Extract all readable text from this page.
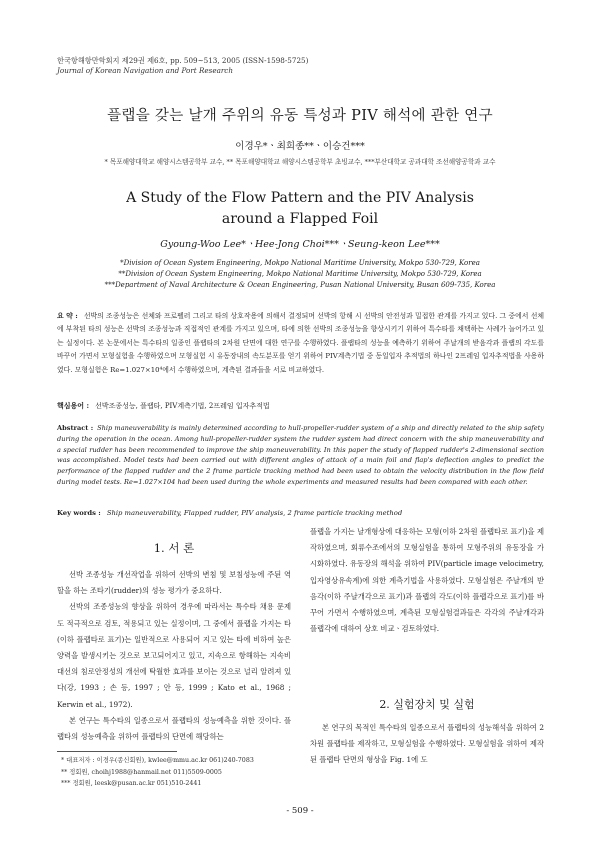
한국항해항만학회지 제29권 제6호, pp. 509~513, 2005 (ISSN-1598-5725)
Journal of Korean Navigation and Port Research
플랩을 갖는 날개 주위의 유동 특성과 PIV 해석에 관한 연구
이경우*ㆍ최희종**ㆍ이승건***
* 목포해양대학교 해양시스템공학부 교수, ** 목포해양대학교 해양시스템공학부 초빙교수, ***부산대학교 공과대학 조선해양공학과 교수
A Study of the Flow Pattern and the PIV Analysis
around a Flapped Foil
Gyoung-Woo Lee*ㆍHee-Jong Choi***ㆍSeung-keon Lee***
*Division of Ocean System Engineering, Mokpo National Maritime University, Mokpo 530-729, Korea
**Division of Ocean System Engineering, Mokpo National Maritime University, Mokpo 530-729, Korea
***Department of Naval Architecture & Ocean Engineering, Pusan National University, Busan 609-735, Korea
요 약 : 선박의 조종성능은 선체와 프로펠러 그리고 타의 상호작용에 의해서 결정되며 선박의 항해 시 선박의 안전성과 밀접한 관계를 가지고 있다. 그 중에서 선체에 부착된 타의 성능은 선박의 조종성능과 직접적인 관계를 가지고 있으며, 타에 의한 선박의 조종성능을 향상시키기 위하여 특수타를 채택하는 사례가 늘어가고 있는 실정이다. 본 논문에서는 특수타의 일종인 플랩타의 2차원 단면에 대한 연구를 수행하였다. 플랩타의 성능을 예측하기 위하여 주날개의 받음각과 플랩의 각도를 바꾸어 가면서 모형실험을 수행하였으며 모형실험 시 유동장내의 속도분포를 얻기 위하여 PIV계측기법 중 동일입자 추적법의 하나인 2프레임 입자추적법을 사용하였다. 모형실험은 Re=1.027×10⁴에서 수행하였으며, 계측된 결과들을 서로 비교하였다.
핵심용어 : 선박조종성능, 플랩타, PIV계측기법, 2프레임 입자추적법
Abstract : Ship maneuverability is mainly determined according to hull-propeller-rudder system of a ship and directly related to the ship safety during the operation in the ocean. Among hull-propeller-rudder system the rudder system had direct concern with the ship maneuverability and a special rudder has been recommended to improve the ship maneuverability. In this paper the study of flapped rudder's 2-dimensional section was accomplished. Model tests had been carried out with different angles of attack of a main foil and flap's deflection angles to predict the performance of the flapped rudder and the 2 frame particle tracking method had been used to obtain the velocity distribution in the flow field during model tests. Re=1.027×104 had been used during the whole experiments and measured results had been compared with each other.
Key words : Ship maneuverability, Flapped rudder, PIV analysis, 2 frame particle tracking method
1. 서 론

선박 조종성능 개선작업을 위하여 선박의 변침 및 보침성능에 주된 역할을 하는 조타기(rudder)의 성능 평가가 중요하다.

선박의 조종성능의 향상을 위하여 경우에 따라서는 특수타 채용 문제도 적극적으로 검토, 적용되고 있는 실정이며, 그 중에서 플랩을 가지는 타(이하 플랩타로 표기)는 일반적으로 사용되어 지고 있는 타에 비하여 높은 양력을 발생시키는 것으로 보고되어지고 있고, 지속으로 항해하는 지속비대선의 침로안정성의 개선에 탁월한 효과를 보이는 것으로 널리 알려져 있다(강, 1993 ; 손 등, 1997 ; 안 등, 1999 ; Kato et al., 1968 ; Kerwin et al., 1972).

본 연구는 특수타의 일종으로서 플랩타의 성능예측을 위한 것이다. 플랩타의 성능예측을 위하여 플랩타의 단면에 해당하는

플랩을 가지는 날개형상에 대응하는 모형(이하 2차원 플랩타로 표기)을 제작하였으며, 회류수조에서의 모형실험을 통하여 모형주위의 유동장을 가시화하였다. 유동장의 해석을 위하여 PIV(particle image velocimetry, 입자영상유속계)에 의한 계측기법을 사용하였다. 모형실험은 주날개의 받음각(이하 주날개각으로 표기)과 플랩의 각도(이하 플랩각으로 표기)를 바꾸어 가면서 수행하였으며, 계측된 모형실험결과들은 각각의 주날개각과 플랩각에 대하여 상호 비교ㆍ검토하였다.

2. 실험장치 및 실험

본 연구의 목적인 특수타의 일종으로서 플랩타의 성능해석을 위하여 2차원 플랩타를 제작하고, 모형실험을 수행하였다. 모형실험을 위하여 제작된 플랩타 단면의 형상을 Fig. 1에 도

* 대표저자 : 이경우(종신회원), kwlee@mmu.ac.kr 061)240-7083
** 정회원, choihj1988@hanmail.net 011)5509-0005
*** 정회원, leesk@pusan.ac.kr 051)510-2441
- 509 -
